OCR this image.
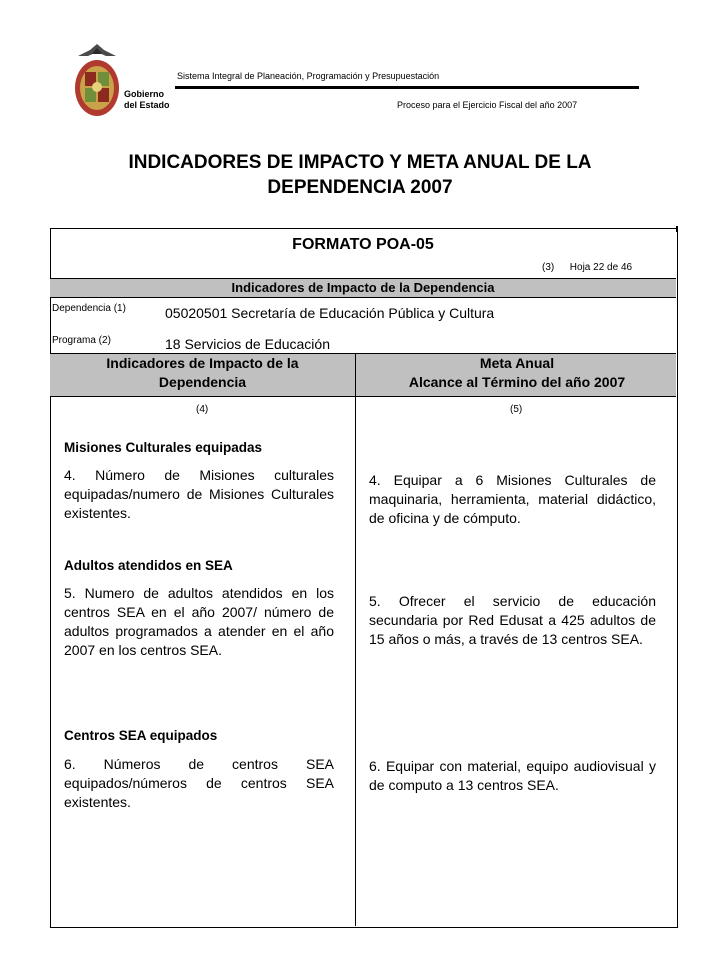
Gobierno
del Estado
Sistema Integral de Planeación, Programación y Presupuestación
Proceso para el Ejercicio Fiscal del año 2007
INDICADORES DE IMPACTO Y META ANUAL DE LA
DEPENDENCIA 2007
FORMATO POA-05
(3) Hoja 22 de 46
Indicadores de Impacto de la Dependencia
Dependencia (1)	05020501 Secretaría de Educación Pública y Cultura
Programa (2)	18 Servicios de Educación
Indicadores de Impacto de la
Dependencia
Meta Anual
Alcance al Término del año 2007
(4)	(5)
Misiones Culturales equipadas
4. Número de Misiones culturales equipadas/numero de Misiones Culturales existentes.
4. Equipar a 6 Misiones Culturales de maquinaria, herramienta, material didáctico, de oficina y de cómputo.
Adultos atendidos en SEA
5. Numero de adultos atendidos en los centros SEA en el año 2007/ número de adultos programados a atender en el año 2007 en los centros SEA.
5. Ofrecer el servicio de educación secundaria por Red Edusat a 425 adultos de 15 años o más, a través de 13 centros SEA.
Centros SEA equipados
6. Números de centros SEA equipados/números de centros SEA existentes.
6. Equipar con material, equipo audiovisual y de computo a 13 centros SEA.
